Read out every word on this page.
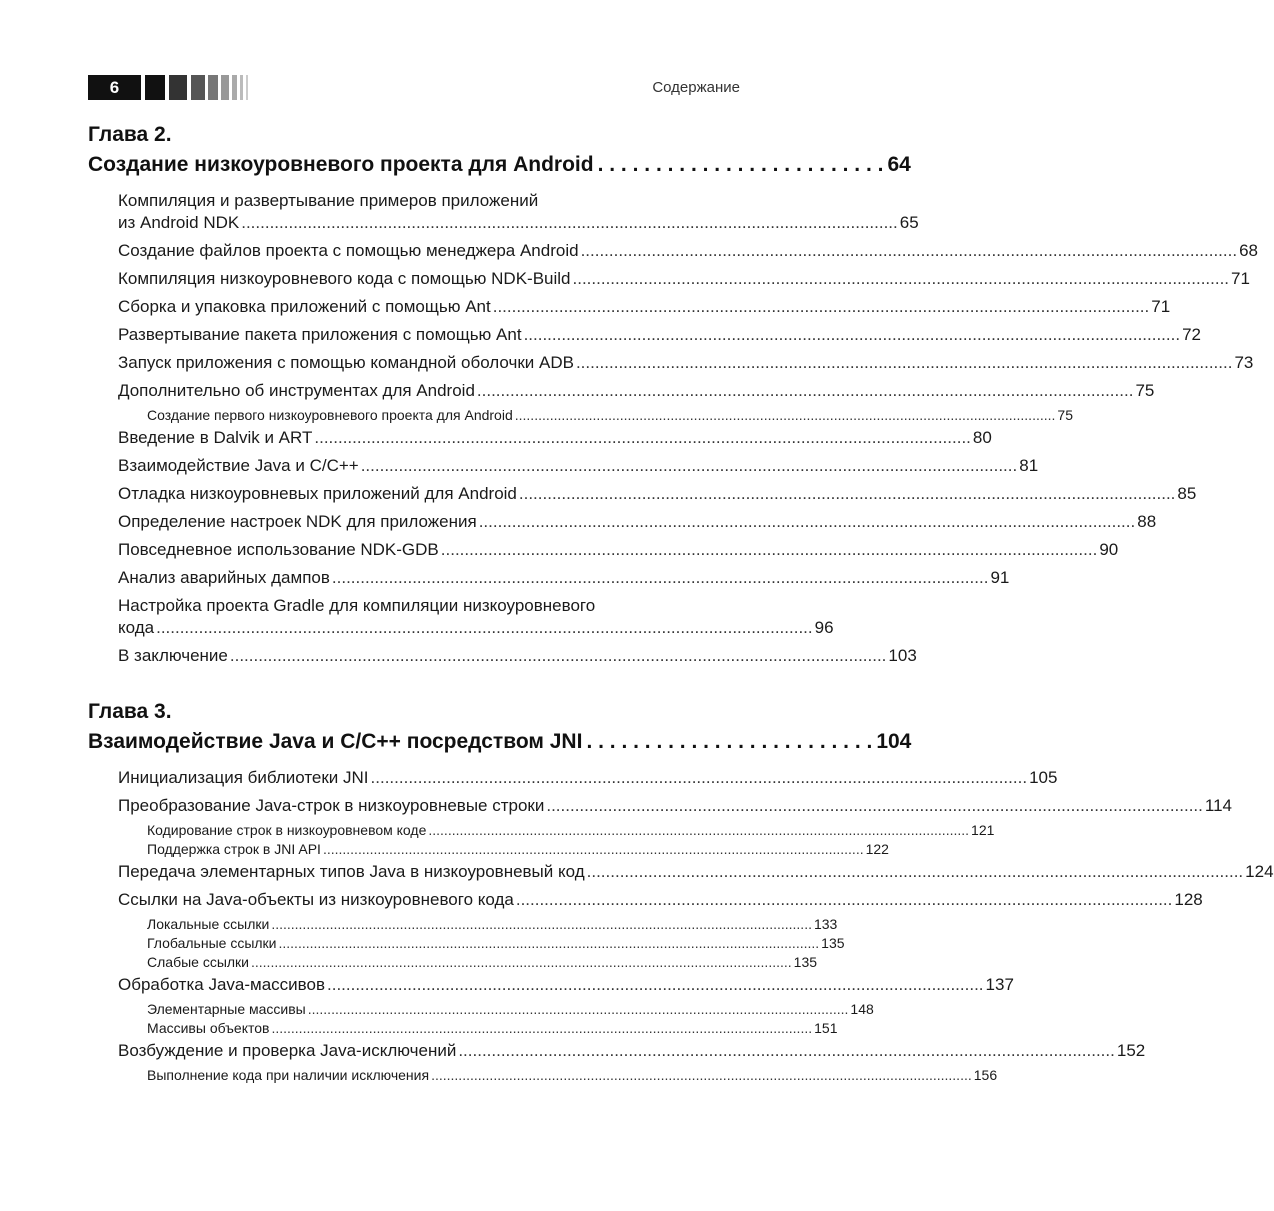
6	Содержание
Глава 2.
Создание низкоуровневого проекта для Android . . . . . . . . . . . . . . . . . . . . . . . . . 64
Компиляция и развертывание примеров приложений
из Android NDK ........................................................................................................................................... 65
Создание файлов проекта с помощью менеджера Android ........................................................................................................................................... 68
Компиляция низкоуровневого кода с помощью NDK-Build ........................................................................................................................................... 71
Сборка и упаковка приложений с помощью Ant ........................................................................................................................................... 71
Развертывание пакета приложения с помощью Ant ........................................................................................................................................... 72
Запуск приложения с помощью командной оболочки ADB ........................................................................................................................................... 73
Дополнительно об инструментах для Android ........................................................................................................................................... 75
Создание первого низкоуровневого проекта для Android ........................................................................................................................................... 75
Введение в Dalvik и ART ........................................................................................................................................... 80
Взаимодействие Java и C/C++ ........................................................................................................................................... 81
Отладка низкоуровневых приложений для Android ........................................................................................................................................... 85
Определение настроек NDK для приложения ........................................................................................................................................... 88
Повседневное использование NDK-GDB ........................................................................................................................................... 90
Анализ аварийных дампов ........................................................................................................................................... 91
Настройка проекта Gradle для компиляции низкоуровневого
кода ........................................................................................................................................... 96
В заключение ........................................................................................................................................... 103
Глава 3.
Взаимодействие Java и C/C++ посредством JNI . . . . . . . . . . . . . . . . . . . . . . . . . 104
Инициализация библиотеки JNI ........................................................................................................................................... 105
Преобразование Java-строк в низкоуровневые строки ........................................................................................................................................... 114
Кодирование строк в низкоуровневом коде ........................................................................................................................................... 121
Поддержка строк в JNI API ........................................................................................................................................... 122
Передача элементарных типов Java в низкоуровневый код ........................................................................................................................................... 124
Ссылки на Java-объекты из низкоуровневого кода ........................................................................................................................................... 128
Локальные ссылки ........................................................................................................................................... 133
Глобальные ссылки ........................................................................................................................................... 135
Слабые ссылки ........................................................................................................................................... 135
Обработка Java-массивов ........................................................................................................................................... 137
Элементарные массивы ........................................................................................................................................... 148
Массивы объектов ........................................................................................................................................... 151
Возбуждение и проверка Java-исключений ........................................................................................................................................... 152
Выполнение кода при наличии исключения ........................................................................................................................................... 156
